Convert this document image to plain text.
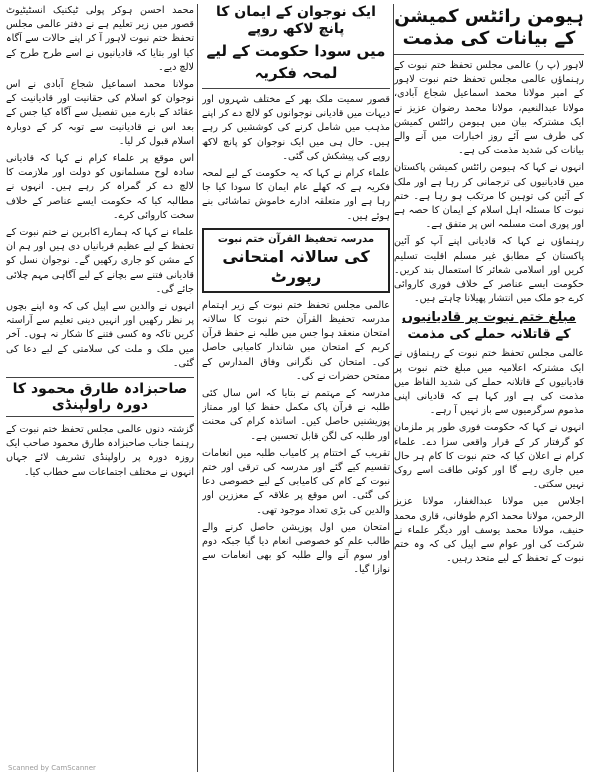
ہیومن رائٹس کمیشن کے بیانات کی مذمت

لاہور (پ ر) عالمی مجلس تحفظ ختم نبوت کے رہنماؤں عالمی مجلس تحفظ ختم نبوت لاہور کے امیر مولانا محمد اسماعیل شجاع آبادی، مولانا عبدالنعیم، مولانا محمد رضوان عزیز نے ایک مشترکہ بیان میں ہیومن رائٹس کمیشن کی طرف سے آئے روز اخبارات میں آنے والے بیانات کی شدید مذمت کی ہے۔

انہوں نے کہا کہ ہیومن رائٹس کمیشن پاکستان میں قادیانیوں کی ترجمانی کر رہا ہے اور ملک کے آئین کی توہین کا مرتکب ہو رہا ہے۔ ختم نبوت کا مسئلہ اہل اسلام کے ایمان کا حصہ ہے اور پوری امت مسلمہ اس پر متفق ہے۔

رہنماؤں نے کہا کہ قادیانی اپنے آپ کو آئین پاکستان کے مطابق غیر مسلم اقلیت تسلیم کریں اور اسلامی شعائر کا استعمال بند کریں۔ حکومت ایسے عناصر کے خلاف فوری کاروائی کرے جو ملک میں انتشار پھیلانا چاہتے ہیں۔

مبلغ ختم نبوت پر قادیانیوں
کے قاتلانہ حملے کی مذمت

عالمی مجلس تحفظ ختم نبوت کے رہنماؤں نے ایک مشترکہ اعلامیہ میں مبلغ ختم نبوت پر قادیانیوں کے قاتلانہ حملے کی شدید الفاظ میں مذمت کی ہے اور کہا ہے کہ قادیانی اپنی مذموم سرگرمیوں سے باز نہیں آ رہے۔

انہوں نے کہا کہ حکومت فوری طور پر ملزمان کو گرفتار کر کے قرار واقعی سزا دے۔ علماء کرام نے اعلان کیا کہ ختم نبوت کا کام ہر حال میں جاری رہے گا اور کوئی طاقت اسے روک نہیں سکتی۔

اجلاس میں مولانا عبدالغفار، مولانا عزیز الرحمن، مولانا محمد اکرم طوفانی، قاری محمد حنیف، مولانا محمد یوسف اور دیگر علماء نے شرکت کی اور عوام سے اپیل کی کہ وہ ختم نبوت کے تحفظ کے لیے متحد رہیں۔

ایک نوجوان کے ایمان کا پانچ لاکھ روپے
میں سودا حکومت کے لیے لمحہ فکریہ

قصور سمیت ملک بھر کے مختلف شہروں اور دیہات میں قادیانی نوجوانوں کو لالچ دے کر اپنے مذہب میں شامل کرنے کی کوششیں کر رہے ہیں۔ حال ہی میں ایک نوجوان کو پانچ لاکھ روپے کی پیشکش کی گئی۔

علماء کرام نے کہا کہ یہ حکومت کے لیے لمحہ فکریہ ہے کہ کھلے عام ایمان کا سودا کیا جا رہا ہے اور متعلقہ ادارے خاموش تماشائی بنے ہوئے ہیں۔

مدرسہ تحفیظ القرآن ختم نبوت
کی سالانہ امتحانی رپورٹ

عالمی مجلس تحفظ ختم نبوت کے زیر اہتمام مدرسہ تحفیظ القرآن ختم نبوت کا سالانہ امتحان منعقد ہوا جس میں طلبہ نے حفظ قرآن کریم کے امتحان میں شاندار کامیابی حاصل کی۔ امتحان کی نگرانی وفاق المدارس کے ممتحن حضرات نے کی۔

مدرسہ کے مہتمم نے بتایا کہ اس سال کئی طلبہ نے قرآن پاک مکمل حفظ کیا اور ممتاز پوزیشنیں حاصل کیں۔ اساتذہ کرام کی محنت اور طلبہ کی لگن قابل تحسین ہے۔

تقریب کے اختتام پر کامیاب طلبہ میں انعامات تقسیم کیے گئے اور مدرسہ کی ترقی اور ختم نبوت کے کام کی کامیابی کے لیے خصوصی دعا کی گئی۔ اس موقع پر علاقہ کے معززین اور والدین کی بڑی تعداد موجود تھی۔

امتحان میں اول پوزیشن حاصل کرنے والے طالب علم کو خصوصی انعام دیا گیا جبکہ دوم اور سوم آنے والے طلبہ کو بھی انعامات سے نوازا گیا۔

محمد احسن ہوکر پولی ٹیکنیک انسٹیٹیوٹ قصور میں زیر تعلیم ہے نے دفتر عالمی مجلس تحفظ ختم نبوت لاہور آ کر اپنے حالات سے آگاہ کیا اور بتایا کہ قادیانیوں نے اسے طرح طرح کے لالچ دیے۔

مولانا محمد اسماعیل شجاع آبادی نے اس نوجوان کو اسلام کی حقانیت اور قادیانیت کے عقائد کے بارے میں تفصیل سے آگاہ کیا جس کے بعد اس نے قادیانیت سے توبہ کر کے دوبارہ اسلام قبول کر لیا۔

اس موقع پر علماء کرام نے کہا کہ قادیانی سادہ لوح مسلمانوں کو دولت اور ملازمت کا لالچ دے کر گمراہ کر رہے ہیں۔ انہوں نے مطالبہ کیا کہ حکومت ایسے عناصر کے خلاف سخت کاروائی کرے۔

علماء نے کہا کہ ہمارے اکابرین نے ختم نبوت کے تحفظ کے لیے عظیم قربانیاں دی ہیں اور ہم ان کے مشن کو جاری رکھیں گے۔ نوجوان نسل کو قادیانی فتنے سے بچانے کے لیے آگاہی مہم چلائی جائے گی۔

انہوں نے والدین سے اپیل کی کہ وہ اپنے بچوں پر نظر رکھیں اور انہیں دینی تعلیم سے آراستہ کریں تاکہ وہ کسی فتنے کا شکار نہ ہوں۔ آخر میں ملک و ملت کی سلامتی کے لیے دعا کی گئی۔

صاحبزادہ طارق محمود کا دورہ راولپنڈی

گزشتہ دنوں عالمی مجلس تحفظ ختم نبوت کے رہنما جناب صاحبزادہ طارق محمود صاحب ایک روزہ دورہ پر راولپنڈی تشریف لائے جہاں انہوں نے مختلف اجتماعات سے خطاب کیا۔

Scanned by CamScanner
